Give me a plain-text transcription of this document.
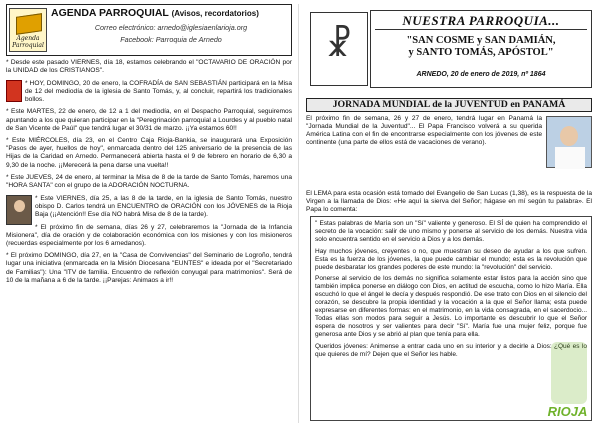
Agenda Parroquial
AGENDA PARROQUIAL (Avisos, recordatorios)
Correo electrónico: arnedo@iglesiaenlarioja.org
Facebook: Parroquia de Arnedo
* Desde este pasado VIERNES, día 18, estamos celebrando el "OCTAVARIO DE ORACIÓN por la UNIDAD de los CRISTIANOS".
* HOY, DOMINGO, 20 de enero, la COFRADÍA de SAN SEBASTIÁN participará en la Misa de 12 del mediodía de la iglesia de Santo Tomás, y, al concluir, repartirá los tradicionales bollos.
* Este MARTES, 22 de enero, de 12 a 1 del mediodía, en el Despacho Parroquial, seguiremos apuntando a los que quieran participar en la "Peregrinación parroquial a Lourdes y al pueblo natal de San Vicente de Paúl" que tendrá lugar el 30/31 de marzo. ¡¡Ya estamos 60!!
* Este MIÉRCOLES, día 23, en el Centro Caja Rioja-Bankia, se inaugurará una Exposición "Pasos de ayer, huellos de hoy", enmarcada dentro del 125 aniversario de la presencia de las Hijas de la Caridad en Arnedo. Permanecerá abierta hasta el 9 de febrero en horario de 6,30 a 9,30 de la noche. ¡¡Merecerá la pena darse una vuelta!!
* Este JUEVES, 24 de enero, al terminar la Misa de 8 de la tarde de Santo Tomás, haremos una "HORA SANTA" con el grupo de la ADORACIÓN NOCTURNA.
* Este VIERNES, día 25, a las 8 de la tarde, en la iglesia de Santo Tomás, nuestro obispo D. Carlos tendrá un ENCUENTRO de ORACIÓN con los JÓVENES de la Rioja Baja (¡¡Atención!! Ese día NO habrá Misa de 8 de la tarde).
* El próximo fin de semana, días 26 y 27, celebraremos la "Jornada de la Infancia Misionera", día de oración y de colaboración económica con los misiones y con los misioneros (recuerdas especialmente por los 6 arnedanos).
* El próximo DOMINGO, día 27, en la "Casa de Convivencias" del Seminario de Logroño, tendrá lugar una iniciativa (enmarcada en la Misión Diocesana "EUNTES" e ideada por el "Secretariado de Familias"): Una "ITV de familia. Encuentro de reflexión conyugal para matrimonios". Será de 10 de la mañana a 6 de la tarde. ¡¡Parejas: Animaos a ir!!
☧
NUESTRA PARROQUIA...
"SAN COSME y SAN DAMIÁN,
y SANTO TOMÁS, APÓSTOL"
ARNEDO, 20 de enero de 2019, nº 1864
JORNADA MUNDIAL de la JUVENTUD en PANAMÁ
El próximo fin de semana, 26 y 27 de enero, tendrá lugar en Panamá la "Jornada Mundial de la Juventud"... El Papa Francisco volverá a su querida América Latina con el fin de encontrarse especialmente con los jóvenes de este continente (una parte de ellos está de vacaciones de verano).
El LEMA para esta ocasión está tomado del Evangelio de San Lucas (1,38), es la respuesta de la Virgen a la llamada de Dios: «He aquí la sierva del Señor; hágase en mí según tu palabra». El Papa lo comenta:

" Estas palabras de María son un "Sí" valiente y generoso. El SÍ de quien ha comprendido el secreto de la vocación: salir de uno mismo y ponerse al servicio de los demás. Nuestra vida solo encuentra sentido en el servicio a Dios y a los demás.

Hay muchos jóvenes, creyentes o no, que muestran su deseo de ayudar a los que sufren. Esta es la fuerza de los jóvenes, la que puede cambiar el mundo; esta es la revolución que puede desbaratar los grandes poderes de este mundo: la "revolución" del servicio.

Ponerse al servicio de los demás no significa solamente estar listos para la acción sino que también implica ponerse en diálogo con Dios, en actitud de escucha, como lo hizo María. Ella escuchó lo que el ángel le decía y después respondió. De ese trato con Dios en el silencio del corazón, se descubre la propia identidad y la vocación a la que el Señor llama; esta puede expresarse en diferentes formas: en el matrimonio, en la vida consagrada, en el sacerdocio... Todas ellas son modos para seguir a Jesús. Lo importante es descubrir lo que el Señor espera de nosotros y ser valientes para decir "Sí". María fue una mujer feliz, porque fue generosa ante Dios y se abrió al plan que tenía para ella.

Queridos jóvenes: Animense a entrar cada uno en su interior y a decirle a Dios: ¿Qué es lo que quieres de mí? Dejen que el Señor les hable.

RIOJA
